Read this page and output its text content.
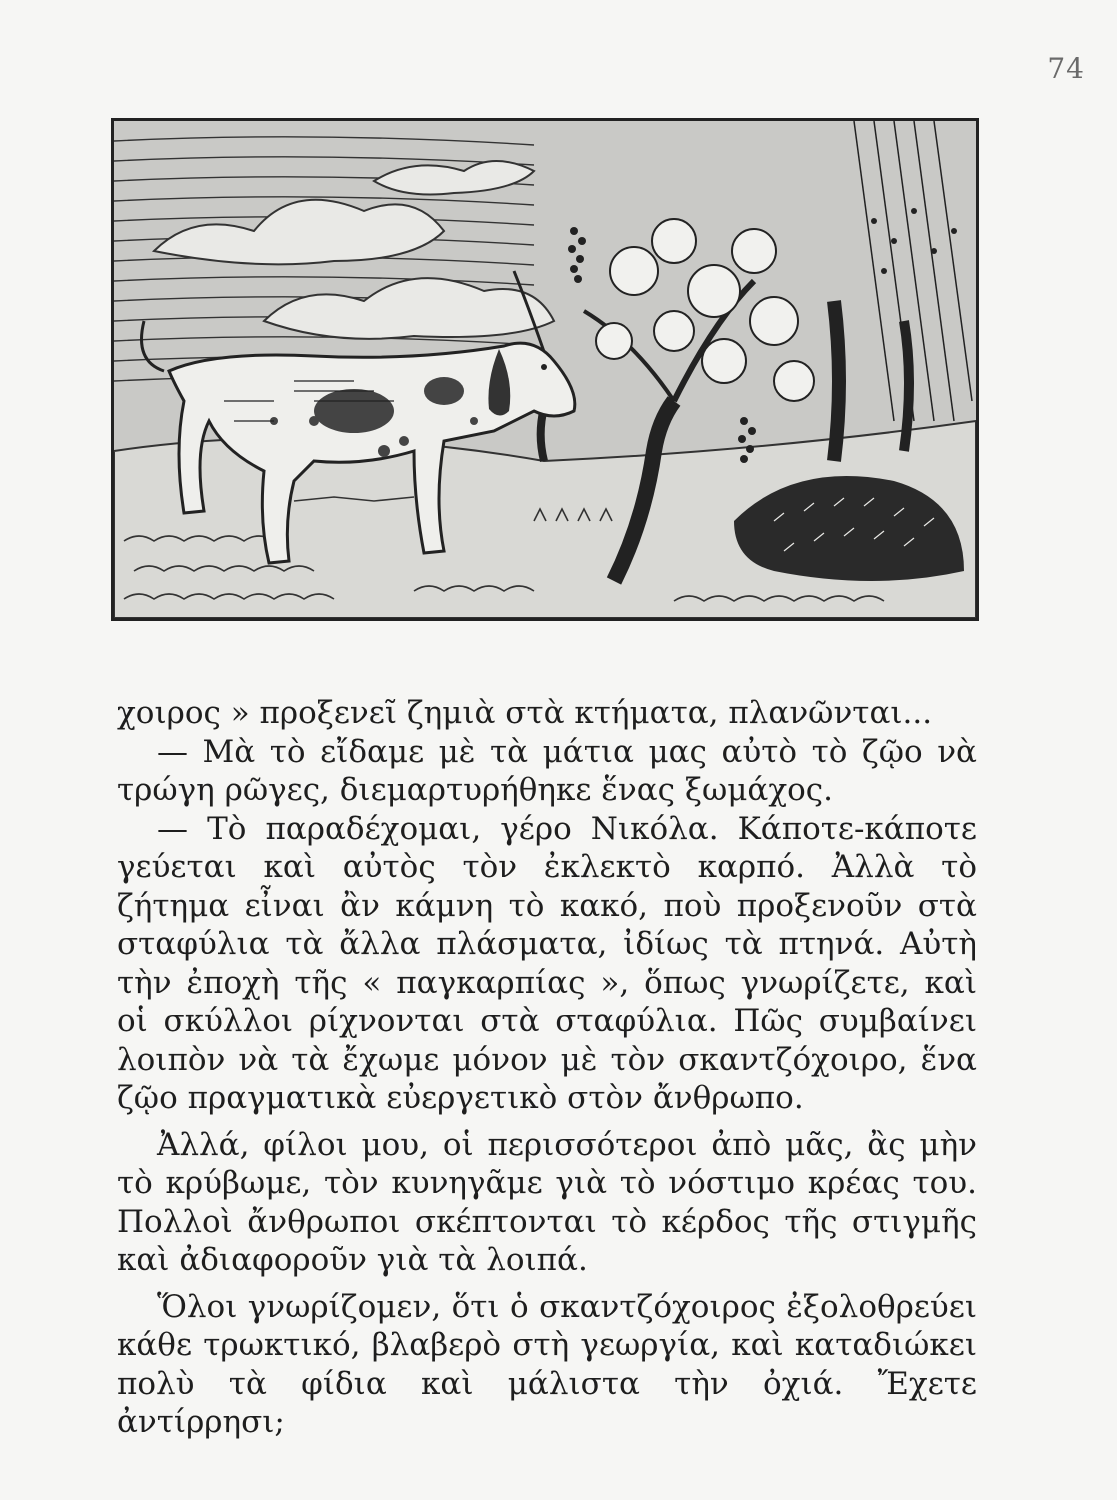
74

χοιρος » προξενεῖ ζημιὰ στὰ κτήματα, πλανῶνται...

— Μὰ τὸ εἴδαμε μὲ τὰ μάτια μας αὐτὸ τὸ ζῷο νὰ τρώγη ρῶγες, διεμαρτυρήθηκε ἕνας ξωμάχος.

— Τὸ παραδέχομαι, γέρο Νικόλα. Κάποτε-κάποτε γεύεται καὶ αὐτὸς τὸν ἐκλεκτὸ καρπό. Ἀλλὰ τὸ ζήτημα εἶναι ἂν κάμνη τὸ κακό, ποὺ προξενοῦν στὰ σταφύλια τὰ ἄλλα πλάσματα, ἰδίως τὰ πτηνά. Αὐτὴ τὴν ἐποχὴ τῆς « παγκαρπίας », ὅπως γνωρίζετε, καὶ οἱ σκύλλοι ρίχνονται στὰ σταφύλια. Πῶς συμβαίνει λοιπὸν νὰ τὰ ἔχωμε μόνον μὲ τὸν σκαντζόχοιρο, ἕνα ζῷο πραγματικὰ εὐεργετικὸ στὸν ἄνθρωπο.

Ἀλλά, φίλοι μου, οἱ περισσότεροι ἀπὸ μᾶς, ἂς μὴν τὸ κρύβωμε, τὸν κυνηγᾶμε γιὰ τὸ νόστιμο κρέας του. Πολλοὶ ἄνθρωποι σκέπτονται τὸ κέρδος τῆς στιγμῆς καὶ ἀδιαφοροῦν γιὰ τὰ λοιπά.

Ὅλοι γνωρίζομεν, ὅτι ὁ σκαντζόχοιρος ἐξολοθρεύει κάθε τρωκτικό, βλαβερὸ στὴ γεωργία, καὶ καταδιώκει πολὺ τὰ φίδια καὶ μάλιστα τὴν ὀχιά. Ἔχετε ἀντίρρησι;
